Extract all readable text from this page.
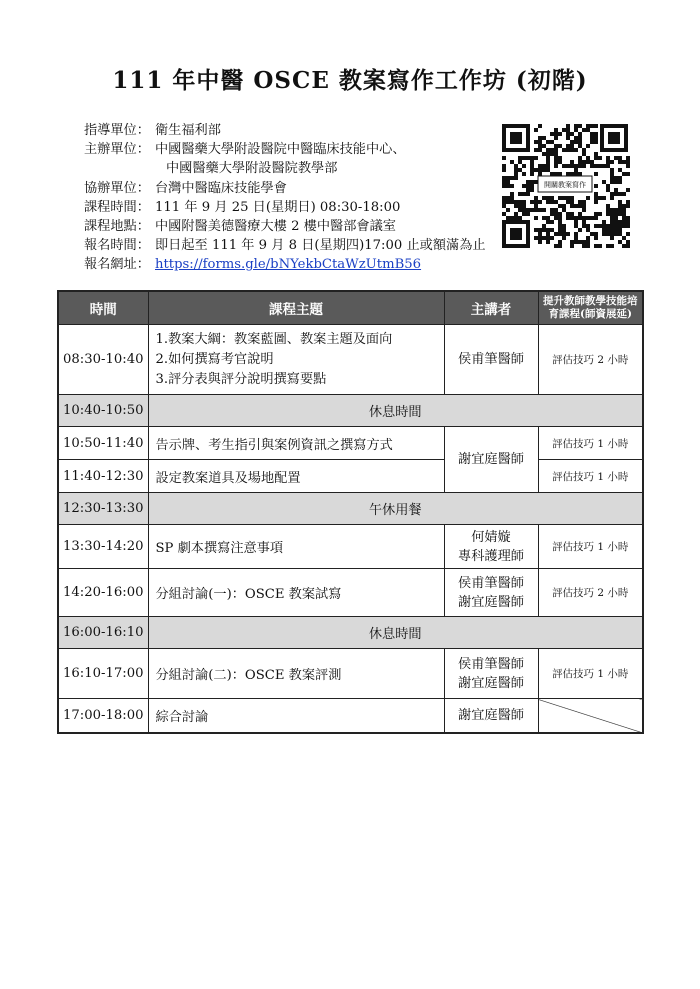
111 年中醫 OSCE 教案寫作工作坊 (初階)
指導單位： 衛生福利部
主辦單位： 中國醫藥大學附設醫院中醫臨床技能中心、
中國醫藥大學附設醫院教學部
協辦單位： 台灣中醫臨床技能學會
課程時間： 111 年 9 月 25 日(星期日) 08:30-18:00
課程地點： 中國附醫美德醫療大樓 2 樓中醫部會議室
報名時間： 即日起至 111 年 9 月 8 日(星期四)17:00 止或額滿為止
報名網址： https://forms.gle/bNYekbCtaWzUtmB56
開關教案寫作
時間	課程主題	主講者	提升教師教學技能培育課程(師資展延)
08:30-10:40	1.教案大綱：教案藍圖、教案主題及面向
2.如何撰寫考官說明
3.評分表與評分說明撰寫要點	侯甫筆醫師	評估技巧 2 小時
10:40-10:50	休息時間		
10:50-11:40	告示牌、考生指引與案例資訊之撰寫方式	謝宜庭醫師	評估技巧 1 小時
11:40-12:30	設定教案道具及場地配置		評估技巧 1 小時
12:30-13:30	午休用餐		
13:30-14:20	SP 劇本撰寫注意事項	何婧嫙
專科護理師	評估技巧 1 小時
14:20-16:00	分組討論(一)：OSCE 教案試寫	侯甫筆醫師
謝宜庭醫師	評估技巧 2 小時
16:00-16:10	休息時間		
16:10-17:00	分組討論(二)：OSCE 教案評測	侯甫筆醫師
謝宜庭醫師	評估技巧 1 小時
17:00-18:00	綜合討論	謝宜庭醫師	
